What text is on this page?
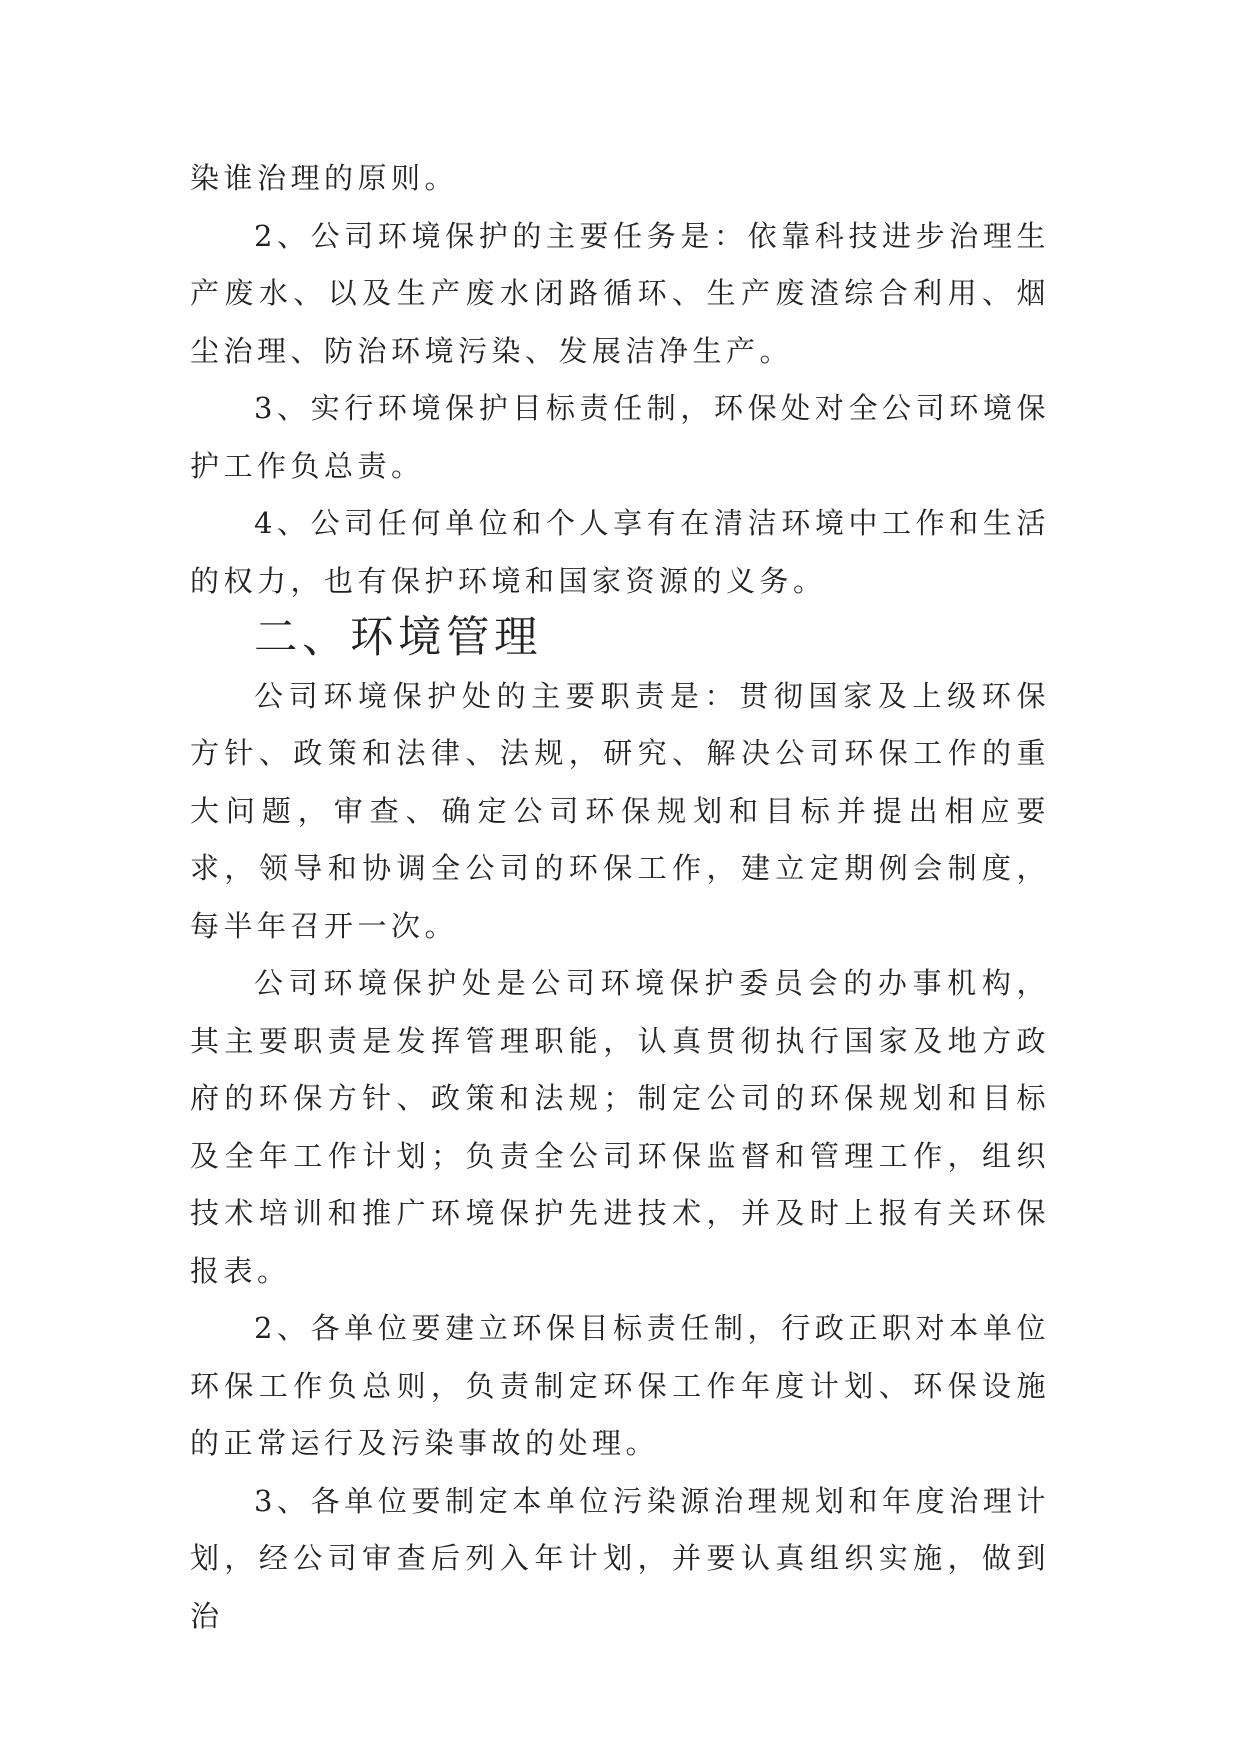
染谁治理的原则。

2、公司环境保护的主要任务是：依靠科技进步治理生产废水、以及生产废水闭路循环、生产废渣综合利用、烟尘治理、防治环境污染、发展洁净生产。

3、实行环境保护目标责任制，环保处对全公司环境保护工作负总责。

4、公司任何单位和个人享有在清洁环境中工作和生活的权力，也有保护环境和国家资源的义务。

二、环境管理

公司环境保护处的主要职责是：贯彻国家及上级环保方针、政策和法律、法规，研究、解决公司环保工作的重大问题，审查、确定公司环保规划和目标并提出相应要求，领导和协调全公司的环保工作，建立定期例会制度，每半年召开一次。

公司环境保护处是公司环境保护委员会的办事机构，其主要职责是发挥管理职能，认真贯彻执行国家及地方政府的环保方针、政策和法规；制定公司的环保规划和目标及全年工作计划；负责全公司环保监督和管理工作，组织技术培训和推广环境保护先进技术，并及时上报有关环保报表。

2、各单位要建立环保目标责任制，行政正职对本单位环保工作负总则，负责制定环保工作年度计划、环保设施的正常运行及污染事故的处理。

3、各单位要制定本单位污染源治理规划和年度治理计划，经公司审查后列入年计划，并要认真组织实施，做到治
